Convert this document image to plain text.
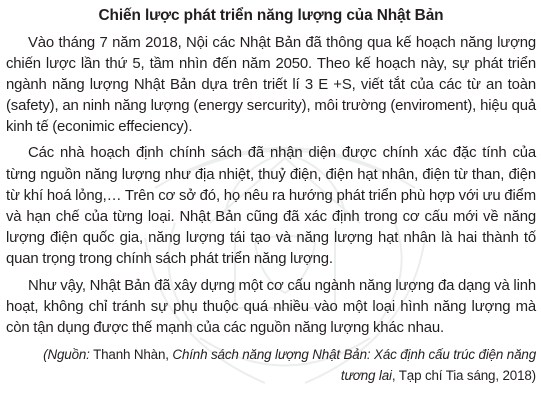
Chiến lược phát triển năng lượng của Nhật Bản

Vào tháng 7 năm 2018, Nội các Nhật Bản đã thông qua kế hoạch năng lượng chiến lược lần thứ 5, tầm nhìn đến năm 2050. Theo kế hoạch này, sự phát triển ngành năng lượng Nhật Bản dựa trên triết lí 3 E +S, viết tắt của các từ an toàn (safety), an ninh năng lượng (energy sercurity), môi trường (enviroment), hiệu quả kinh tế (econimic effeciency).

Các nhà hoạch định chính sách đã nhận diện được chính xác đặc tính của từng nguồn năng lượng như địa nhiệt, thuỷ điện, điện hạt nhân, điện từ than, điện từ khí hoá lỏng,… Trên cơ sở đó, họ nêu ra hướng phát triển phù hợp với ưu điểm và hạn chế của từng loại. Nhật Bản cũng đã xác định trong cơ cấu mới về năng lượng điện quốc gia, năng lượng tái tạo và năng lượng hạt nhân là hai thành tố quan trọng trong chính sách phát triển năng lượng.

Như vậy, Nhật Bản đã xây dựng một cơ cấu ngành năng lượng đa dạng và linh hoạt, không chỉ tránh sự phụ thuộc quá nhiều vào một loại hình năng lượng mà còn tận dụng được thế mạnh của các nguồn năng lượng khác nhau.

(Nguồn: Thanh Nhàn, Chính sách năng lượng Nhật Bản: Xác định cấu trúc điện năng tương lai, Tạp chí Tia sáng, 2018)
